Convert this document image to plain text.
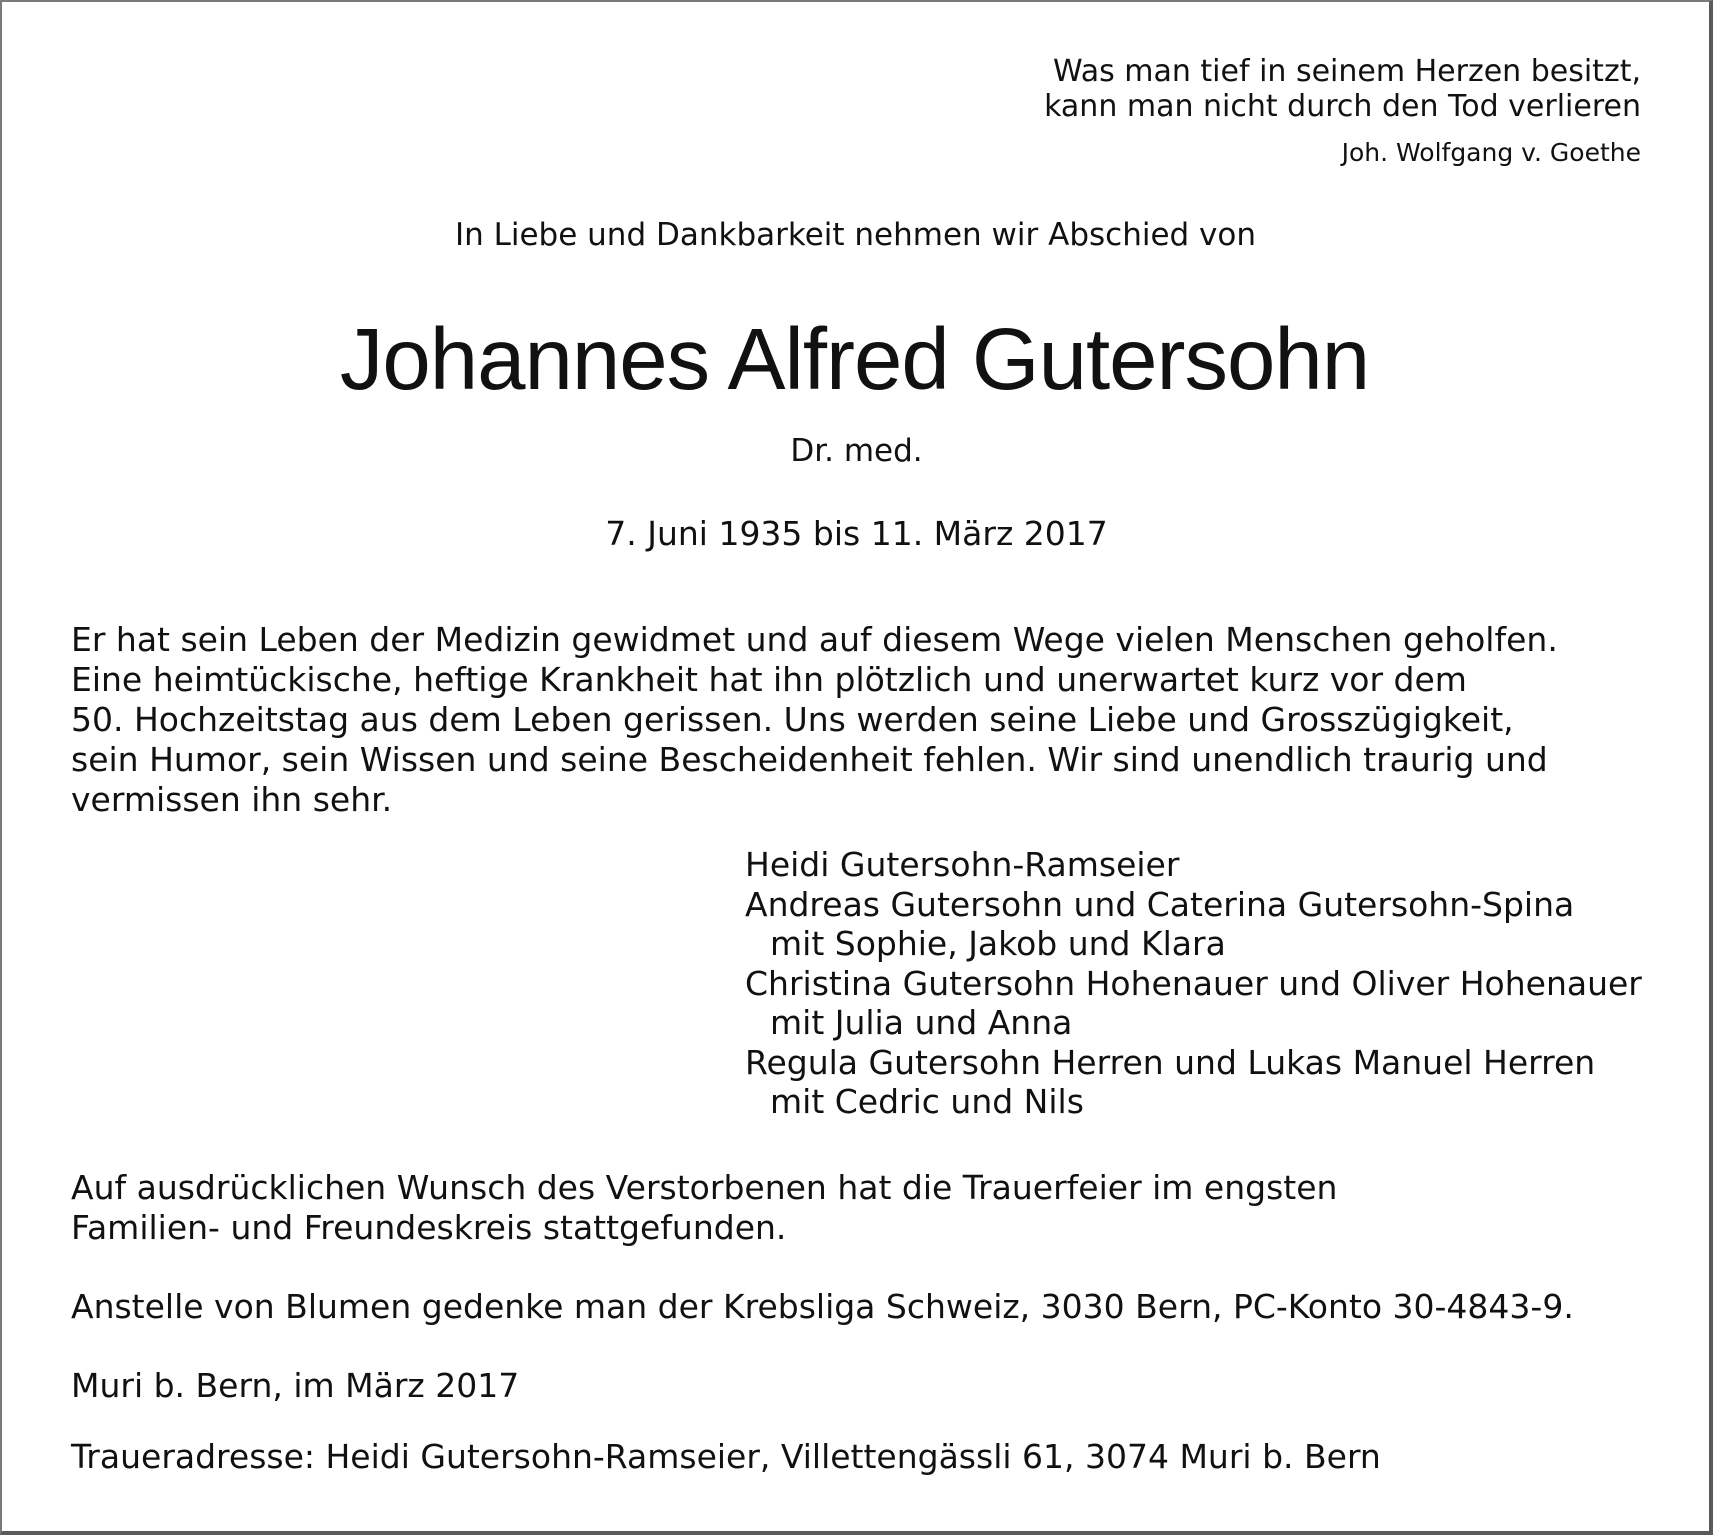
Was man tief in seinem Herzen besitzt,
kann man nicht durch den Tod verlieren
Joh. Wolfgang v. Goethe
In Liebe und Dankbarkeit nehmen wir Abschied von
Johannes Alfred Gutersohn
Dr. med.
7. Juni 1935 bis 11. März 2017
Er hat sein Leben der Medizin gewidmet und auf diesem Wege vielen Menschen geholfen.
Eine heimtückische, heftige Krankheit hat ihn plötzlich und unerwartet kurz vor dem
50. Hochzeitstag aus dem Leben gerissen. Uns werden seine Liebe und Grosszügigkeit,
sein Humor, sein Wissen und seine Bescheidenheit fehlen. Wir sind unendlich traurig und
vermissen ihn sehr.
Heidi Gutersohn-Ramseier
Andreas Gutersohn und Caterina Gutersohn-Spina
mit Sophie, Jakob und Klara
Christina Gutersohn Hohenauer und Oliver Hohenauer
mit Julia und Anna
Regula Gutersohn Herren und Lukas Manuel Herren
mit Cedric und Nils
Auf ausdrücklichen Wunsch des Verstorbenen hat die Trauerfeier im engsten
Familien- und Freundeskreis stattgefunden.
Anstelle von Blumen gedenke man der Krebsliga Schweiz, 3030 Bern, PC-Konto 30-4843-9.
Muri b. Bern, im März 2017
Traueradresse: Heidi Gutersohn-Ramseier, Villettengässli 61, 3074 Muri b. Bern
